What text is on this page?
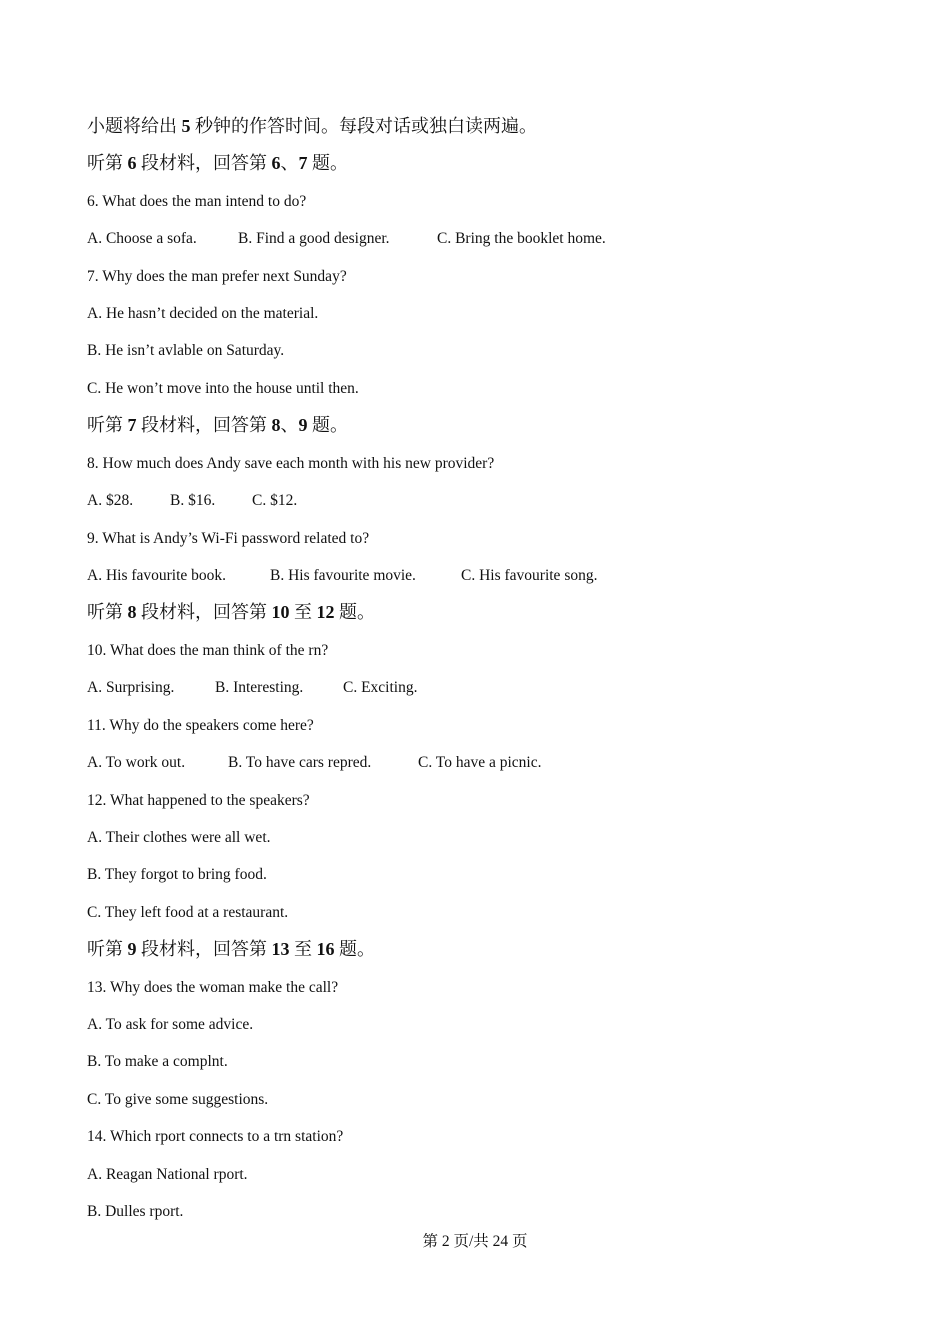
小题将给出 5 秒钟的作答时间。每段对话或独白读两遍。
听第 6 段材料，回答第 6、7 题。
6. What does the man intend to do?
A. Choose a sofa.	B. Find a good designer.	C. Bring the booklet home.
7. Why does the man prefer next Sunday?
A. He hasn’t decided on the material.
B. He isn’t avlable on Saturday.
C. He won’t move into the house until then.
听第 7 段材料，回答第 8、9 题。
8. How much does Andy save each month with his new provider?
A. $28. B. $16. C. $12.
9. What is Andy’s Wi-Fi password related to?
A. His favourite book.	B. His favourite movie.	C. His favourite song.
听第 8 段材料，回答第 10 至 12 题。
10. What does the man think of the rn?
A. Surprising.	B. Interesting.	C. Exciting.
11. Why do the speakers come here?
A. To work out.	B. To have cars repred.	C. To have a picnic.
12. What happened to the speakers?
A. Their clothes were all wet.
B. They forgot to bring food.
C. They left food at a restaurant.
听第 9 段材料，回答第 13 至 16 题。
13. Why does the woman make the call?
A. To ask for some advice.
B. To make a complnt.
C. To give some suggestions.
14. Which rport connects to a trn station?
A. Reagan National rport.
B. Dulles rport.
第 2 页/共 24 页
